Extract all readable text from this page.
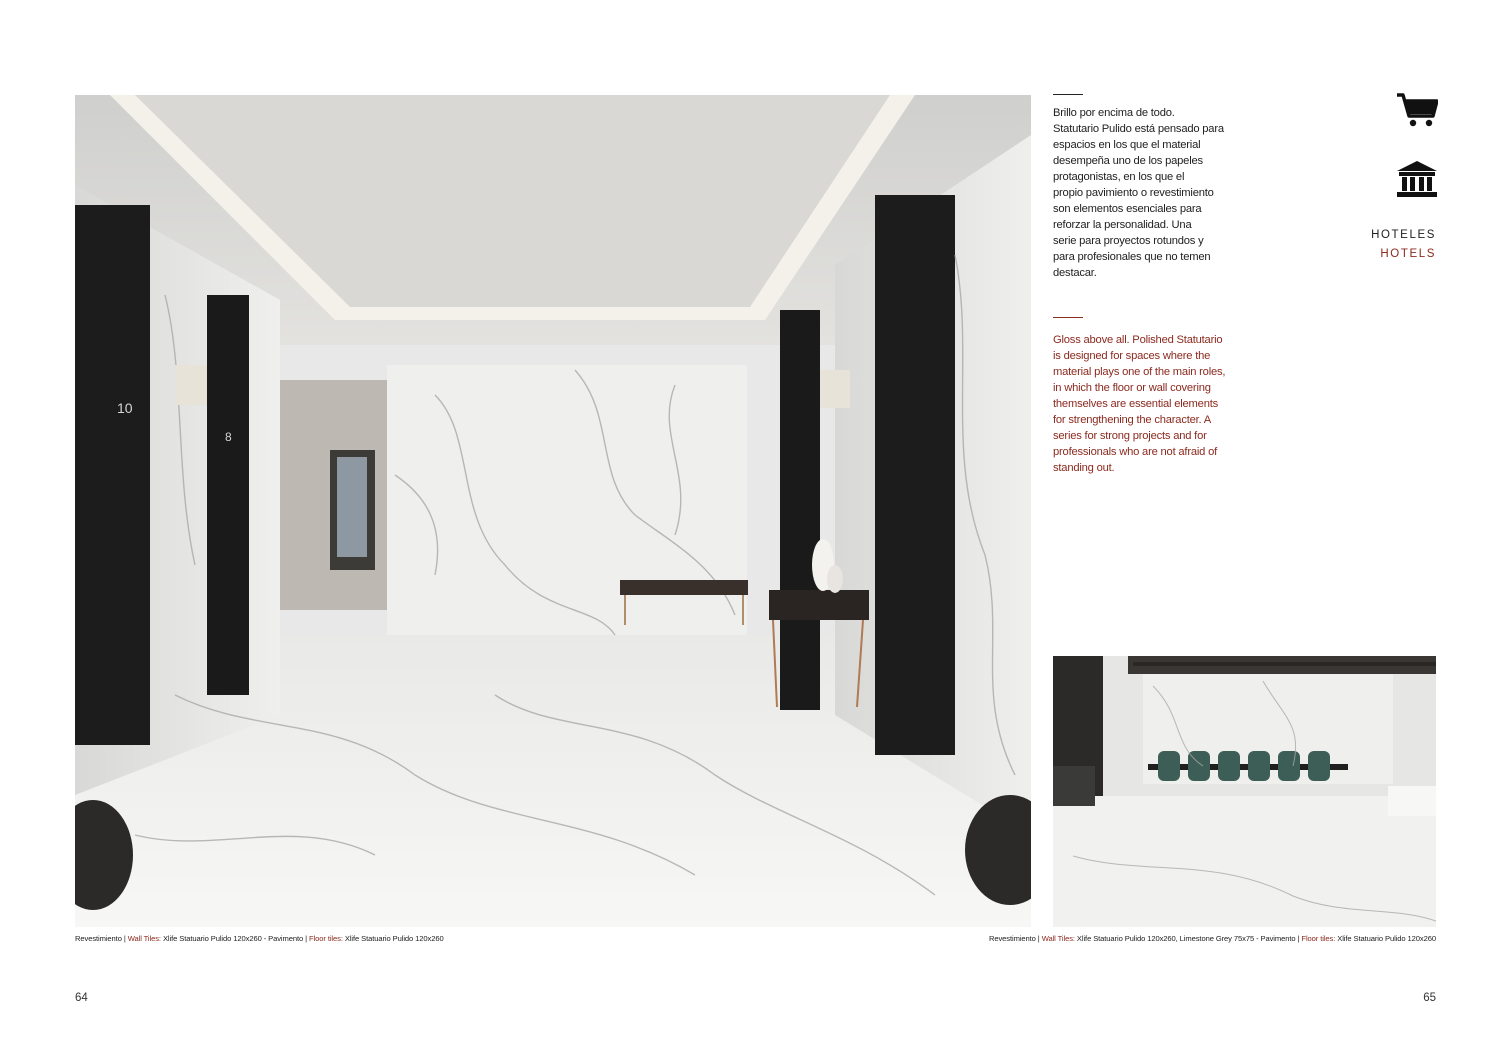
10
8
Brillo por encima de todo.
Statutario Pulido está pensado para
espacios en los que el material
desempeña uno de los papeles
protagonistas, en los que el
propio pavimiento o revestimiento
son elementos esenciales para
reforzar la personalidad. Una
serie para proyectos rotundos y
para profesionales que no temen
destacar.
Gloss above all. Polished Statutario
is designed for spaces where the
material plays one of the main roles,
in which the floor or wall covering
themselves are essential elements
for strengthening the character. A
series for strong projects and for
professionals who are not afraid of
standing out.
HOTELES
HOTELS
Revestimiento | Wall Tiles: Xlife Statuario Pulido 120x260 - Pavimento | Floor tiles: Xlife Statuario Pulido 120x260	Revestimiento | Wall Tiles: Xlife Statuario Pulido 120x260, Limestone Grey 75x75 - Pavimento | Floor tiles: Xlife Statuario Pulido 120x260
64	65
